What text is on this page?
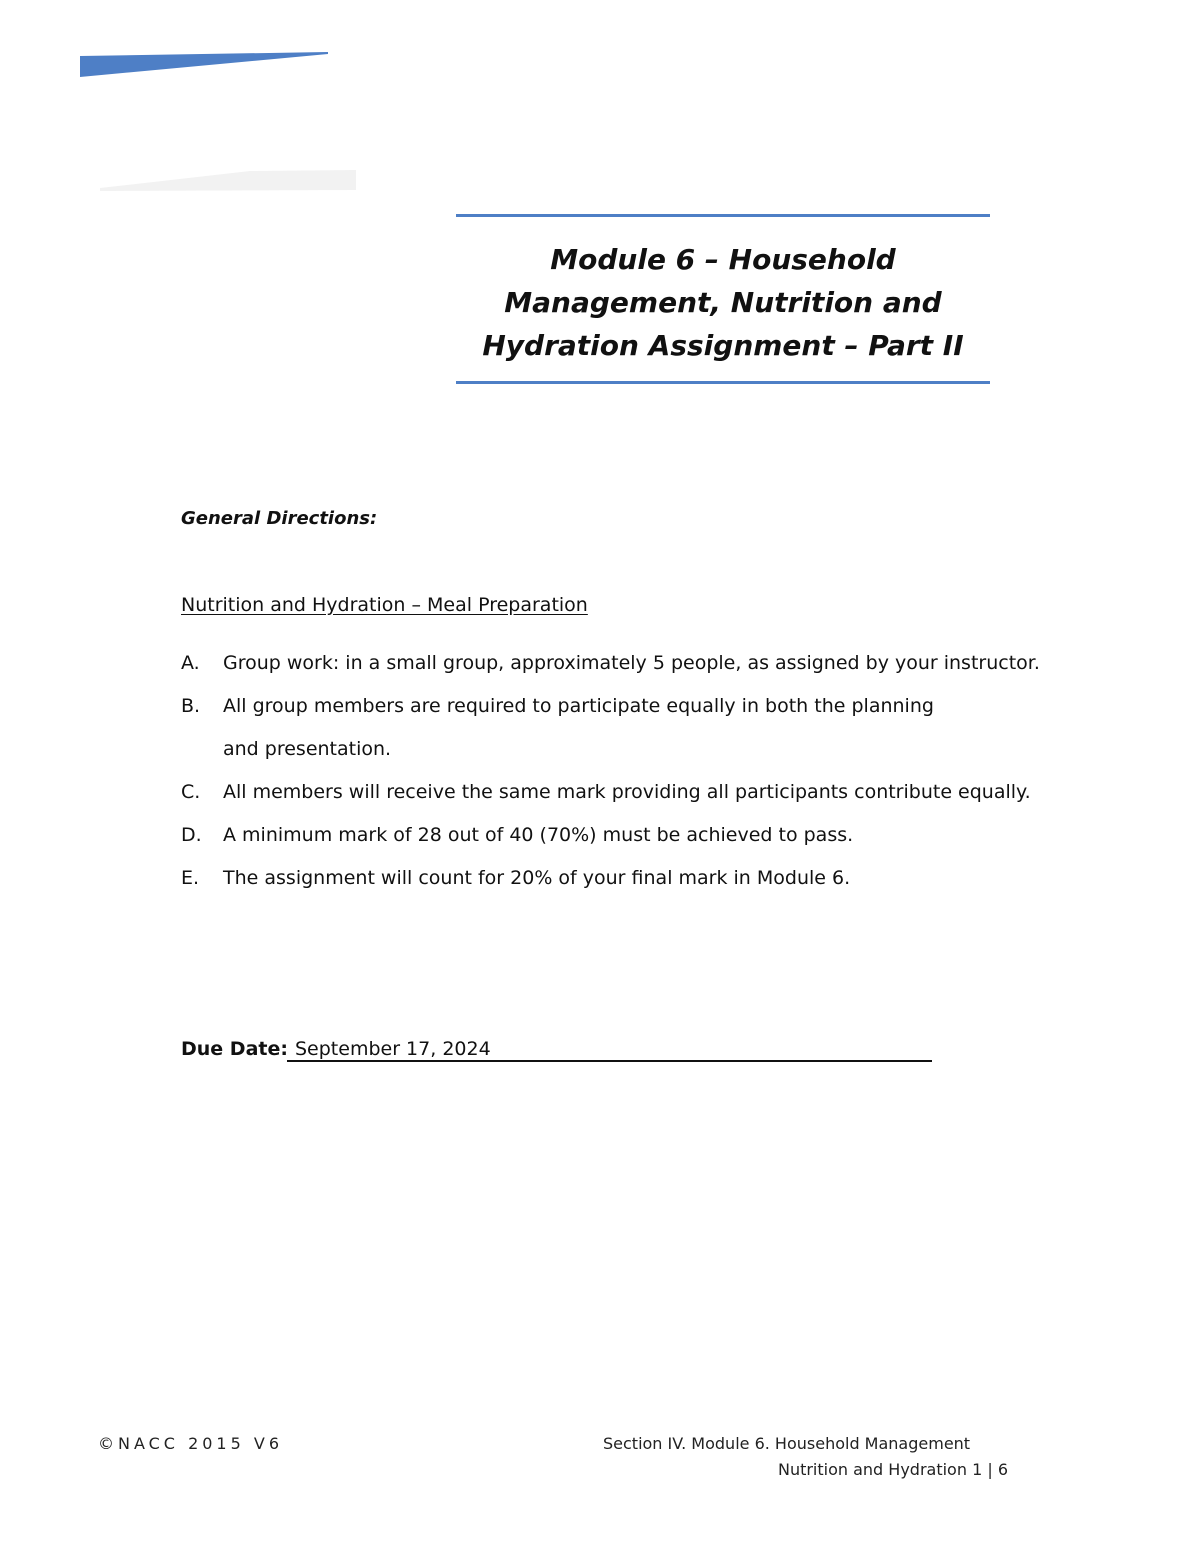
Module 6 – Household
Management, Nutrition and
Hydration Assignment – Part II
General Directions:
Nutrition and Hydration – Meal Preparation
A. Group work: in a small group, approximately 5 people, as assigned by your instructor.
B. All group members are required to participate equally in both the planning
and presentation.
C. All members will receive the same mark providing all participants contribute equally.
D. A minimum mark of 28 out of 40 (70%) must be achieved to pass.
E. The assignment will count for 20% of your final mark in Module 6.
Due Date: September 17, 2024
©NACC 2015 V6	Section IV. Module 6. Household Management
Nutrition and Hydration 1 | 6
